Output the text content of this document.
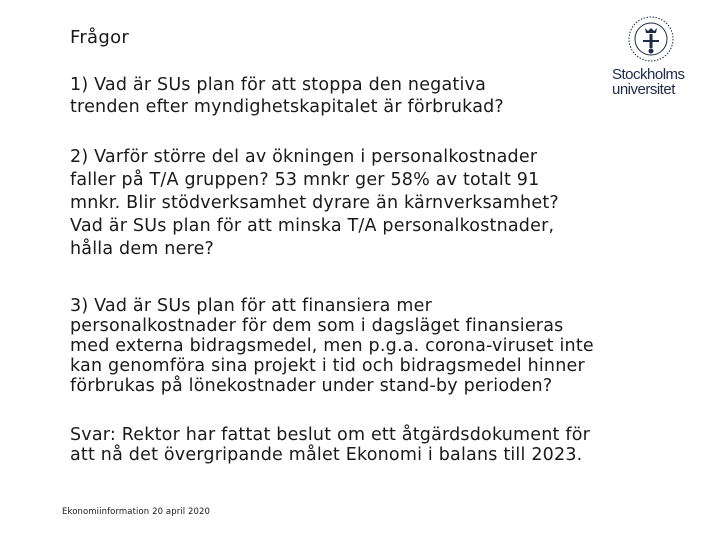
Frågor
Stockholms
universitet
1) Vad är SUs plan för att stoppa den negativa
trenden efter myndighetskapitalet är förbrukad?
2) Varför större del av ökningen i personalkostnader
faller på T/A gruppen? 53 mnkr ger 58% av totalt 91
mnkr. Blir stödverksamhet dyrare än kärnverksamhet?
Vad är SUs plan för att minska T/A personalkostnader,
hålla dem nere?
3) Vad är SUs plan för att finansiera mer
personalkostnader för dem som i dagsläget finansieras
med externa bidragsmedel, men p.g.a. corona-viruset inte
kan genomföra sina projekt i tid och bidragsmedel hinner
förbrukas på lönekostnader under stand-by perioden?
Svar: Rektor har fattat beslut om ett åtgärdsdokument för
att nå det övergripande målet Ekonomi i balans till 2023.
Ekonomiinformation 20 april 2020
